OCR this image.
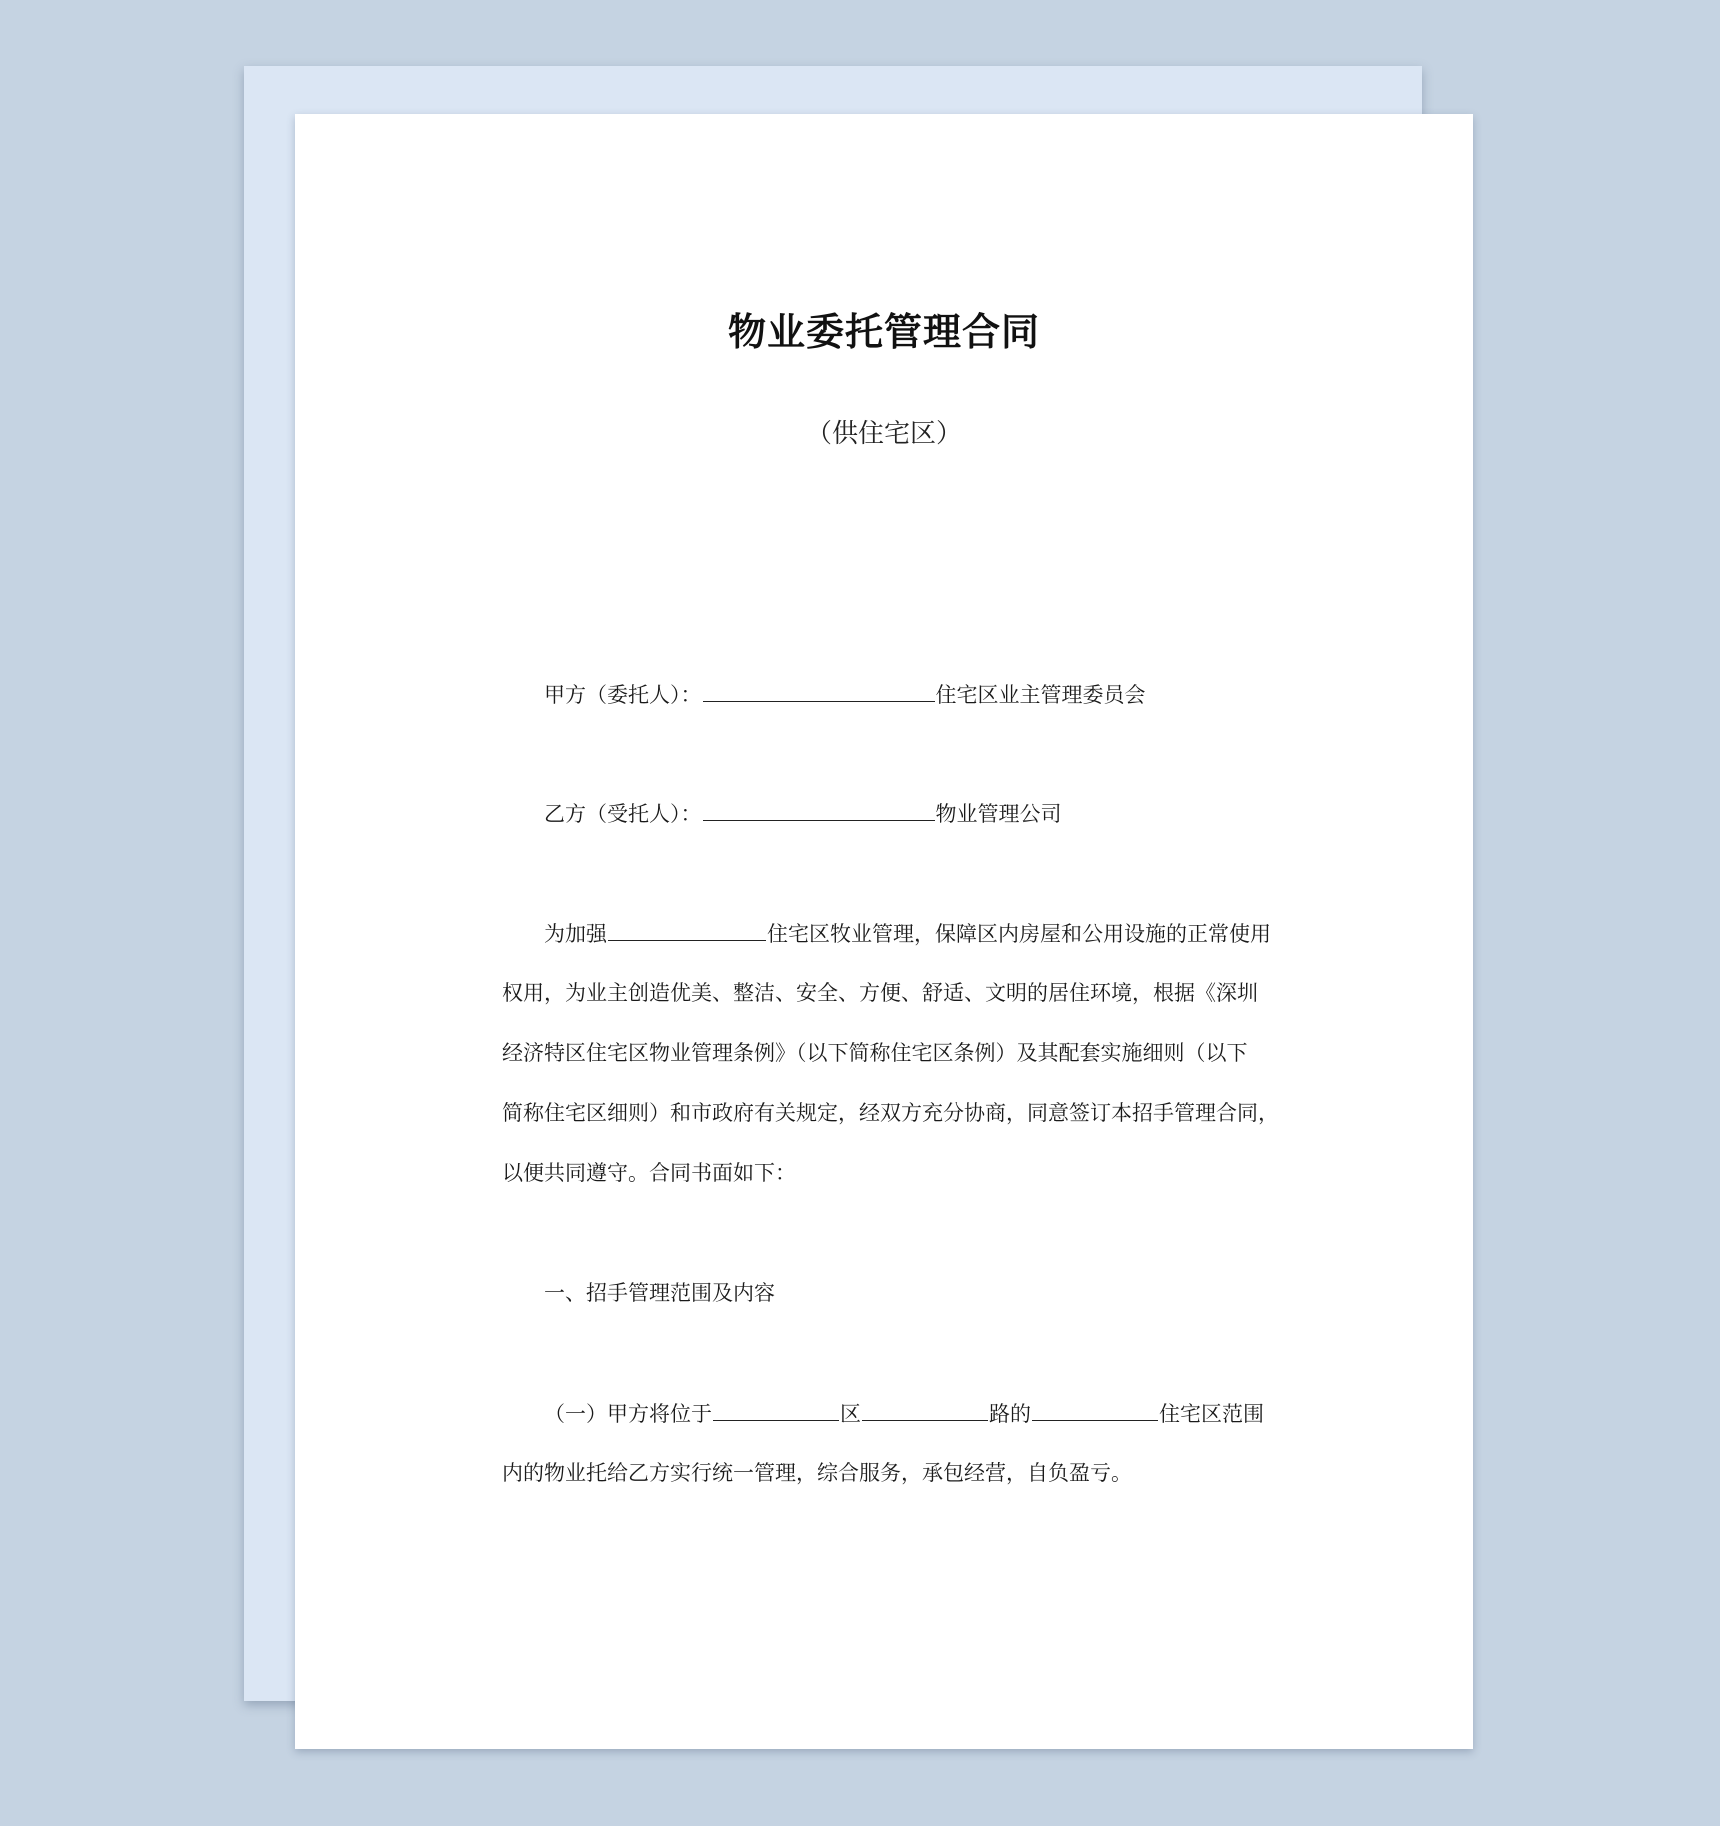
物业委托管理合同
（供住宅区）
甲方（委托人）：	住宅区业主管理委员会
乙方（受托人）：	物业管理公司
为加强	住宅区牧业管理，保障区内房屋和公用设施的正常使用
权用，为业主创造优美、整洁、安全、方便、舒适、文明的居住环境，根据《深圳
经济特区住宅区物业管理条例》（以下简称住宅区条例）及其配套实施细则（以下
简称住宅区细则）和市政府有关规定，经双方充分协商，同意签订本招手管理合同，
以便共同遵守。合同书面如下：
一、招手管理范围及内容
（一）甲方将位于	区	路的	住宅区范围
内的物业托给乙方实行统一管理，综合服务，承包经营，自负盈亏。
